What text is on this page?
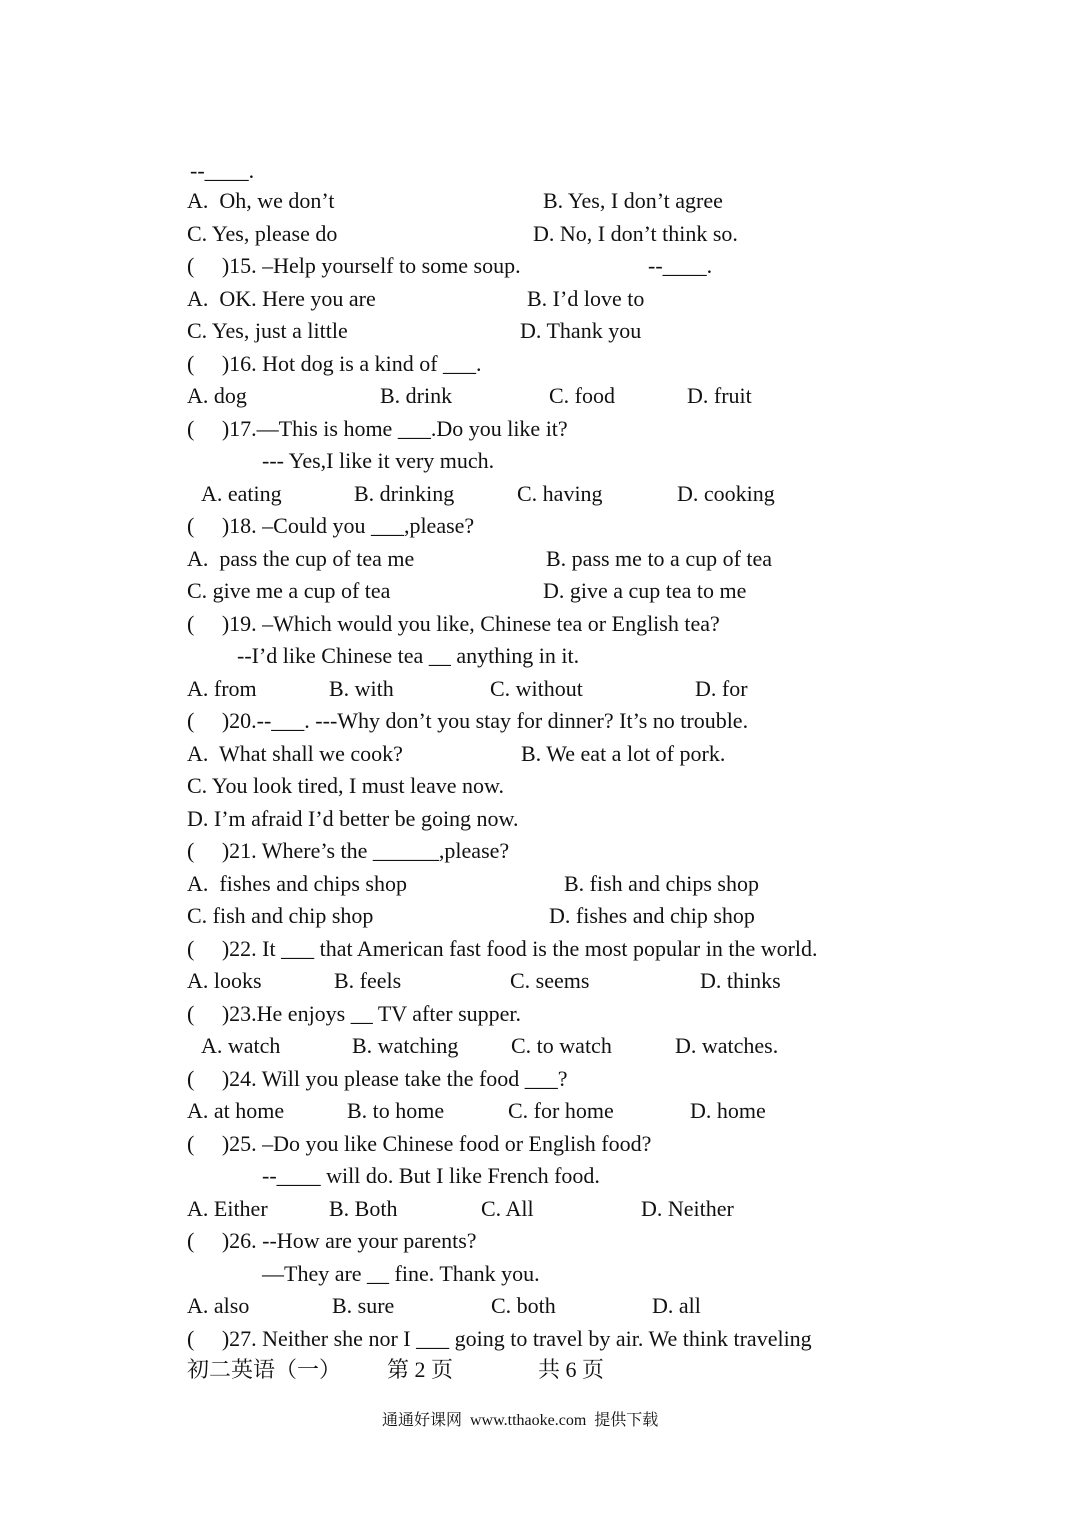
--____.
A.  Oh, we don’t	B. Yes, I don’t agree
C. Yes, please do	D. No, I don’t think so.
(     )15. –Help yourself to some soup.	--____.
A.  OK. Here you are	B. I’d love to
C. Yes, just a little	D. Thank you
(     )16. Hot dog is a kind of ___.
A. dog	B. drink	C. food	D. fruit
(     )17.—This is home ___.Do you like it?
--- Yes,I like it very much.
A. eating	B. drinking	C. having	D. cooking
(     )18. –Could you ___,please?
A.  pass the cup of tea me	B. pass me to a cup of tea
C. give me a cup of tea	D. give a cup tea to me
(     )19. –Which would you like, Chinese tea or English tea?
--I’d like Chinese tea __ anything in it.
A. from	B. with	C. without	D. for
(     )20.--___. ---Why don’t you stay for dinner? It’s no trouble.
A.  What shall we cook?	B. We eat a lot of pork.
C. You look tired, I must leave now.
D. I’m afraid I’d better be going now.
(     )21. Where’s the ______,please?
A.  fishes and chips shop	B. fish and chips shop
C. fish and chip shop	D. fishes and chip shop
(     )22. It ___ that American fast food is the most popular in the world.
A. looks	B. feels	C. seems	D. thinks
(     )23.He enjoys __ TV after supper.
A. watch	B. watching C. to watch	D. watches.
(     )24. Will you please take the food ___?
A. at home	B. to home	C. for home	D. home
(     )25. –Do you like Chinese food or English food?
--____ will do. But I like French food.
A. Either	B. Both	C. All	D. Neither
(     )26. --How are your parents?
—They are __ fine. Thank you.
A. also	B. sure	C. both	D. all
(     )27. Neither she nor I ___ going to travel by air. We think traveling
初二英语（一） 第 2 页	共 6 页
通通好课网  www.tthaoke.com  提供下载
